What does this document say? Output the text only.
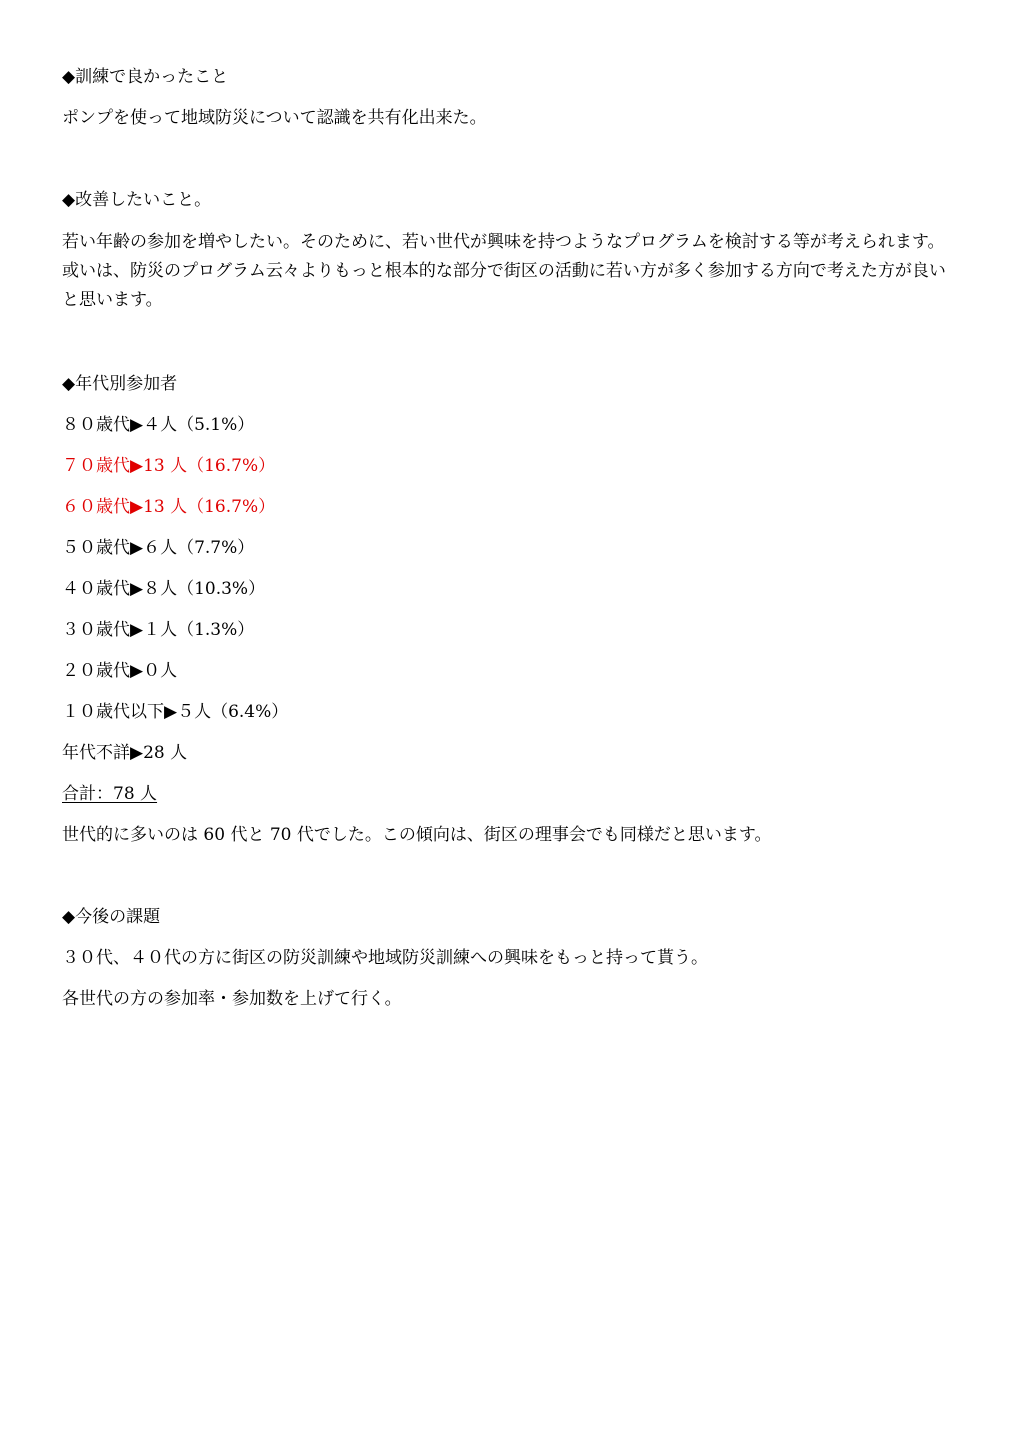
◆訓練で良かったこと

ポンプを使って地域防災について認識を共有化出来た。

◆改善したいこと。

若い年齢の参加を増やしたい。そのために、若い世代が興味を持つようなプログラムを検討する等が考えられます。或いは、防災のプログラム云々よりもっと根本的な部分で街区の活動に若い方が多く参加する方向で考えた方が良いと思います。

◆年代別参加者

８０歳代▶４人（5.1%）

７０歳代▶13 人（16.7%）

６０歳代▶13 人（16.7%）

５０歳代▶６人（7.7%）

４０歳代▶８人（10.3%）

３０歳代▶１人（1.3%）

２０歳代▶０人

１０歳代以下▶５人（6.4%）

年代不詳▶28 人

合計：78 人

世代的に多いのは 60 代と 70 代でした。この傾向は、街区の理事会でも同様だと思います。

◆今後の課題

３０代、４０代の方に街区の防災訓練や地域防災訓練への興味をもっと持って貰う。

各世代の方の参加率・参加数を上げて行く。
